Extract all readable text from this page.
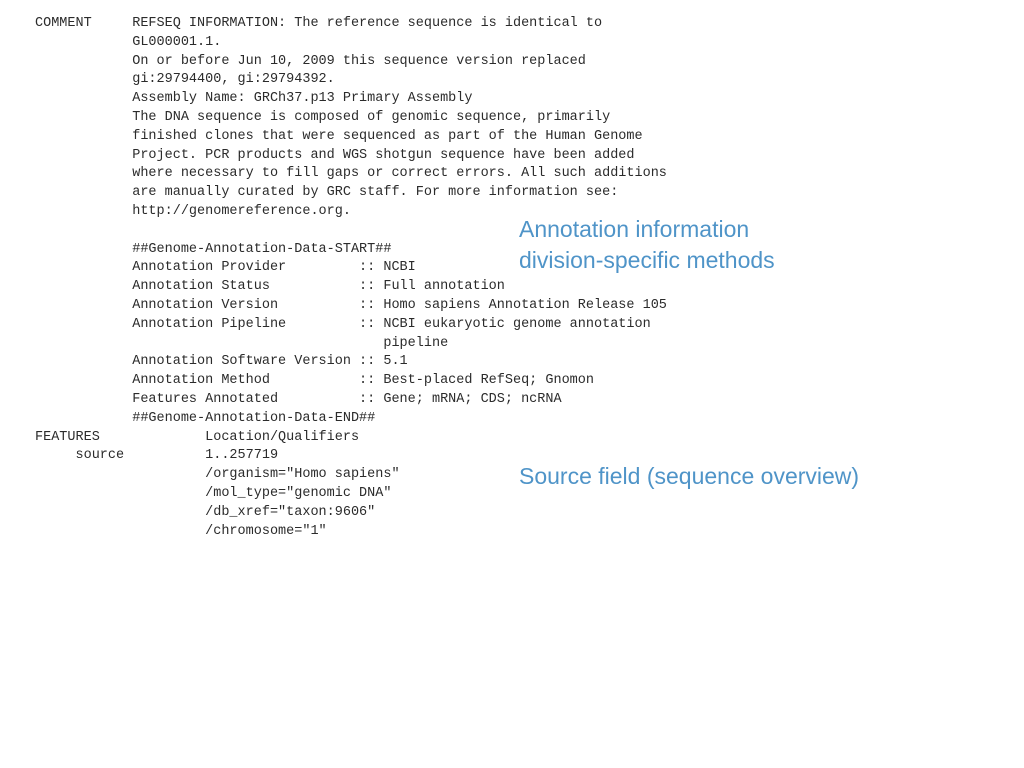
COMMENT     REFSEQ INFORMATION: The reference sequence is identical to
GL000001.1.
On or before Jun 10, 2009 this sequence version replaced
gi:29794400, gi:29794392.
Assembly Name: GRCh37.p13 Primary Assembly
The DNA sequence is composed of genomic sequence, primarily
finished clones that were sequenced as part of the Human Genome
Project. PCR products and WGS shotgun sequence have been added
where necessary to fill gaps or correct errors. All such additions
are manually curated by GRC staff. For more information see:
http://genomereference.org.
##Genome-Annotation-Data-START##
Annotation Provider         :: NCBI
Annotation Status           :: Full annotation
Annotation Version          :: Homo sapiens Annotation Release 105
Annotation Pipeline         :: NCBI eukaryotic genome annotation
pipeline
Annotation Software Version :: 5.1
Annotation Method           :: Best-placed RefSeq; Gnomon
Features Annotated          :: Gene; mRNA; CDS; ncRNA
##Genome-Annotation-Data-END##
FEATURES             Location/Qualifiers
source          1..257719
/organism="Homo sapiens"
/mol_type="genomic DNA"
/db_xref="taxon:9606"
/chromosome="1"
Annotation information
division-specific methods
Source field (sequence overview)
